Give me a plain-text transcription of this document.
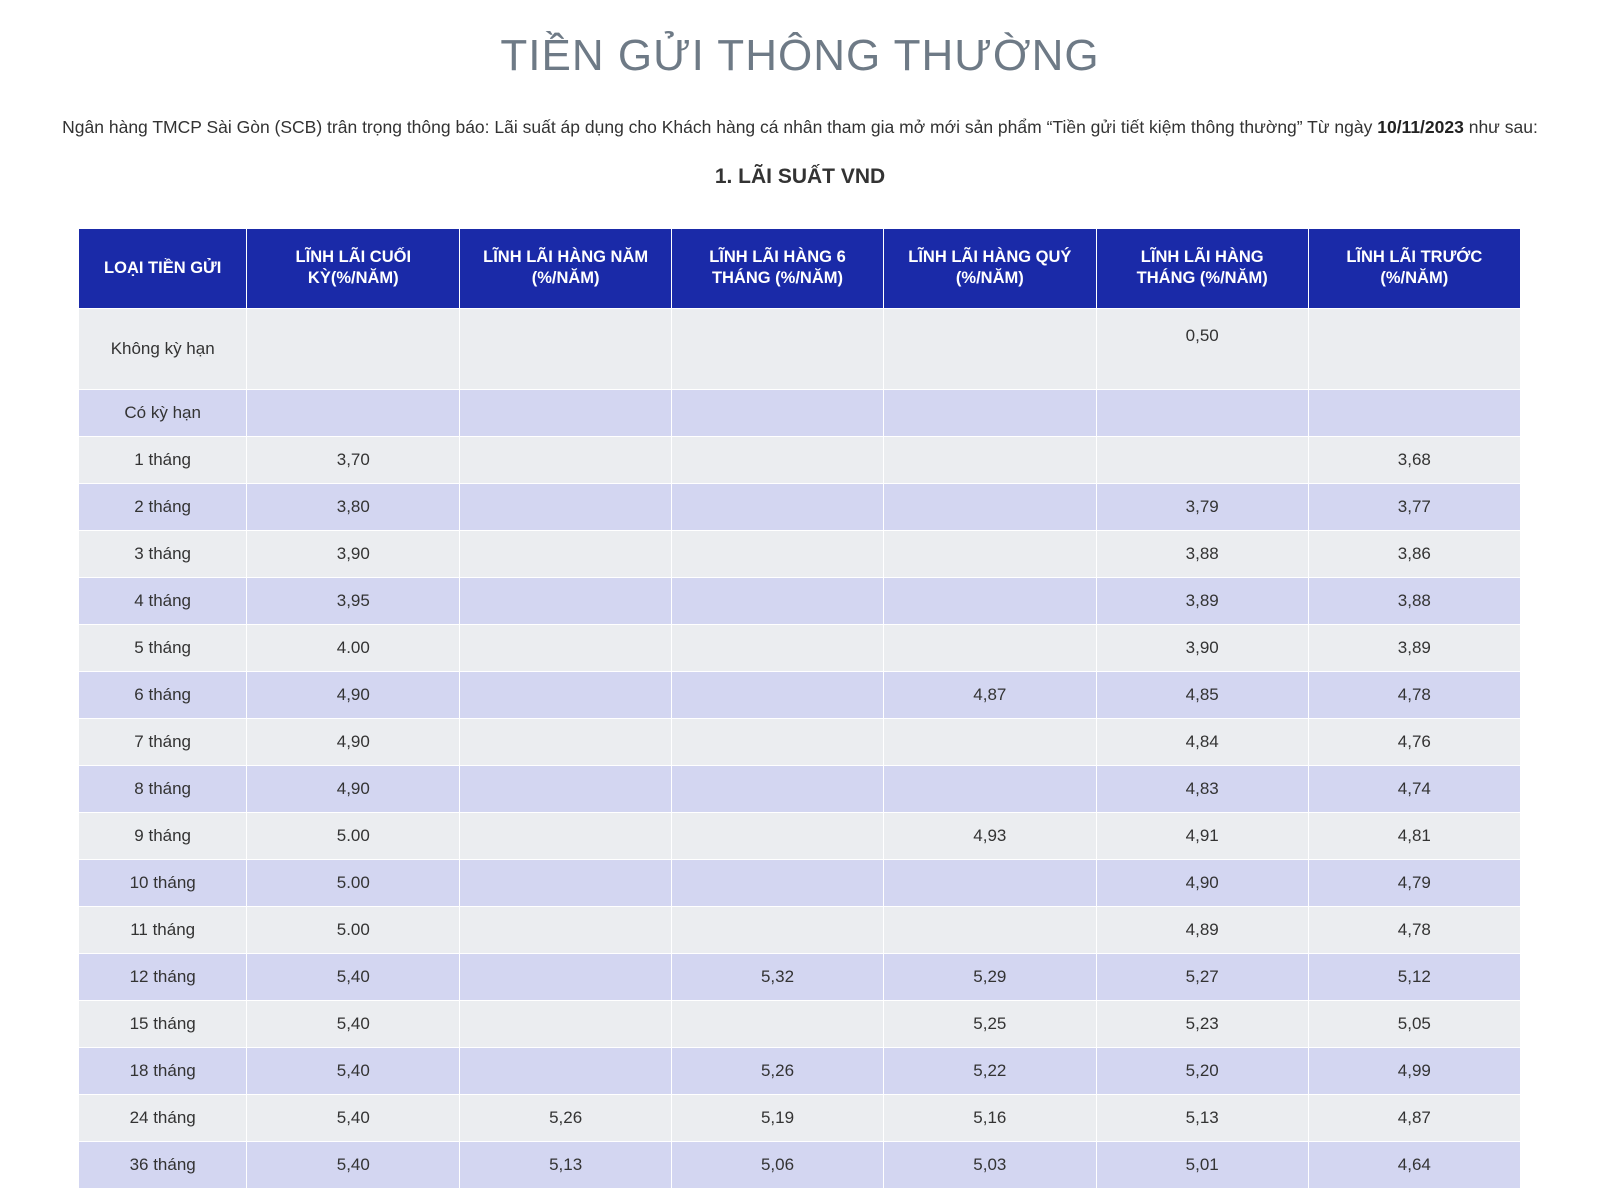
TIỀN GỬI THÔNG THƯỜNG

Ngân hàng TMCP Sài Gòn (SCB) trân trọng thông báo: Lãi suất áp dụng cho Khách hàng cá nhân tham gia mở mới sản phẩm “Tiền gửi tiết kiệm thông thường” Từ ngày 10/11/2023 như sau:

1. LÃI SUẤT VND
LOẠI TIỀN GỬI	LĨNH LÃI CUỐI KỲ(%/NĂM)	LĨNH LÃI HÀNG NĂM (%/NĂM)	LĨNH LÃI HÀNG 6 THÁNG (%/NĂM)	LĨNH LÃI HÀNG QUÝ (%/NĂM)	LĨNH LÃI HÀNG THÁNG (%/NĂM)	LĨNH LÃI TRƯỚC (%/NĂM)
Không kỳ hạn					0,50	
Có kỳ hạn						
1 tháng	3,70					3,68
2 tháng	3,80				3,79	3,77
3 tháng	3,90				3,88	3,86
4 tháng	3,95				3,89	3,88
5 tháng	4.00				3,90	3,89
6 tháng	4,90			4,87	4,85	4,78
7 tháng	4,90				4,84	4,76
8 tháng	4,90				4,83	4,74
9 tháng	5.00			4,93	4,91	4,81
10 tháng	5.00				4,90	4,79
11 tháng	5.00				4,89	4,78
12 tháng	5,40		5,32	5,29	5,27	5,12
15 tháng	5,40			5,25	5,23	5,05
18 tháng	5,40		5,26	5,22	5,20	4,99
24 tháng	5,40	5,26	5,19	5,16	5,13	4,87
36 tháng	5,40	5,13	5,06	5,03	5,01	4,64
